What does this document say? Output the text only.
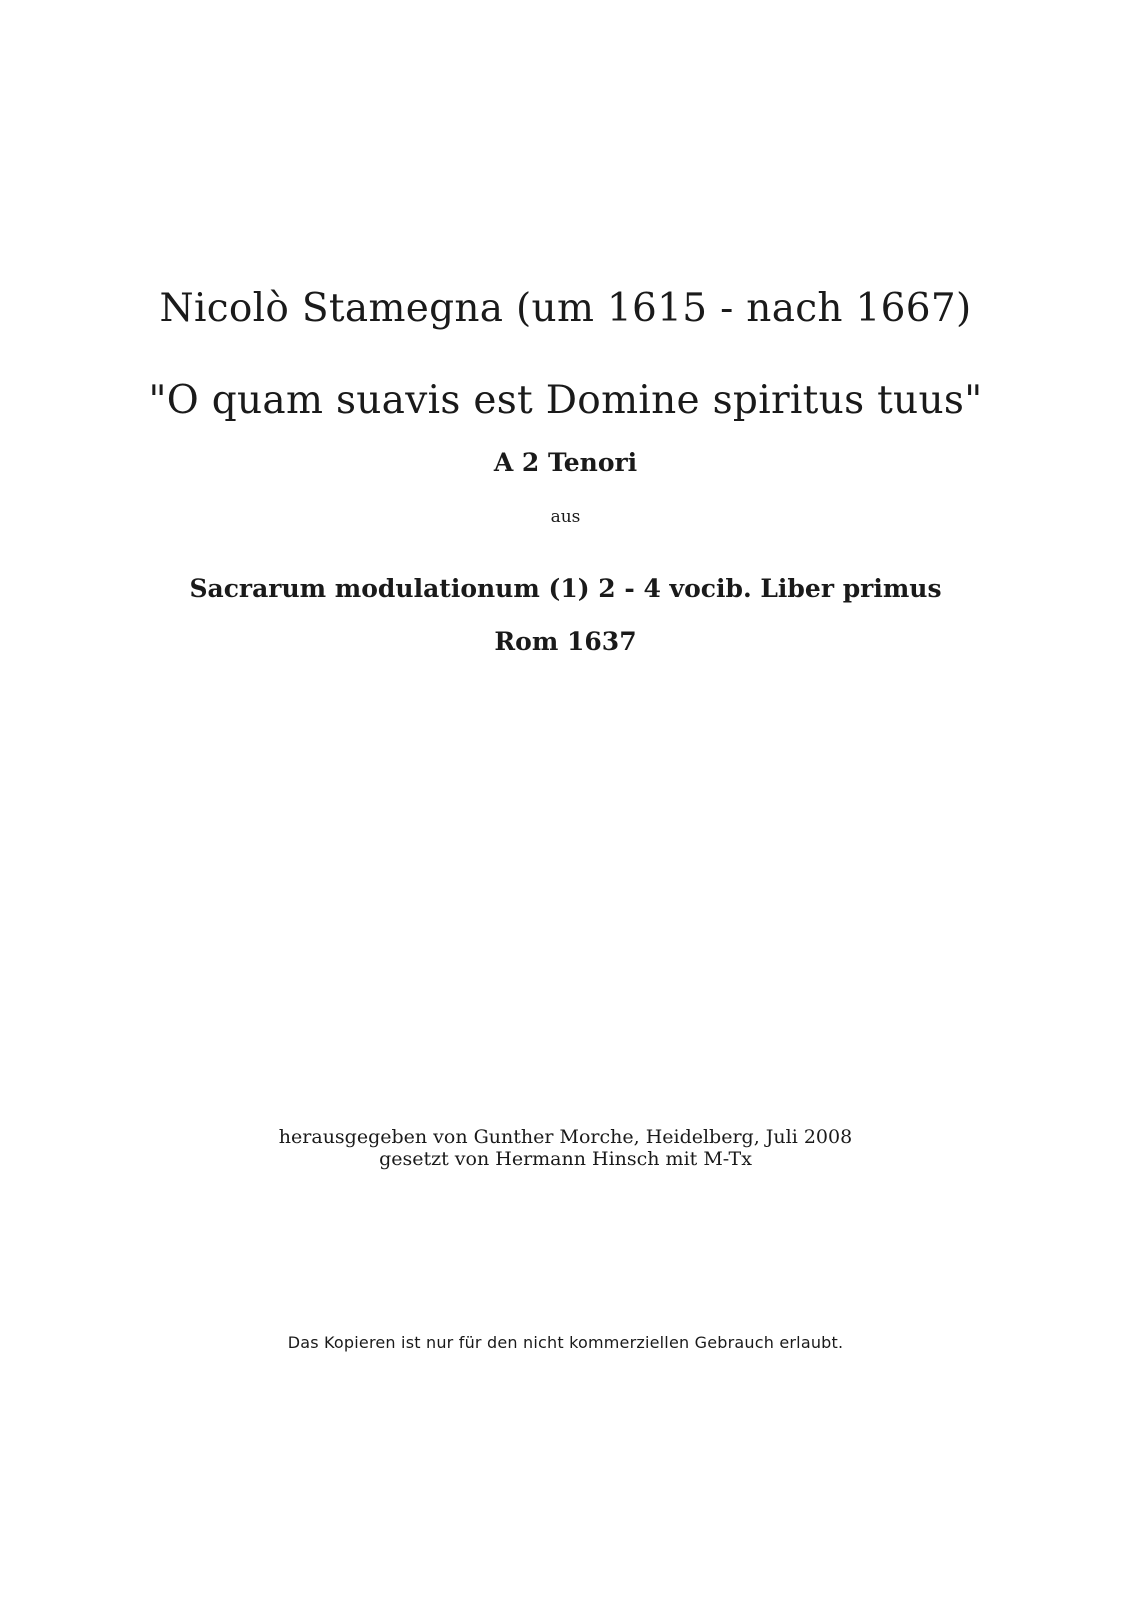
Nicolò Stamegna (um 1615 - nach 1667)
"O quam suavis est Domine spiritus tuus"
A 2 Tenori
aus
Sacrarum modulationum (1) 2 - 4 vocib. Liber primus
Rom 1637
herausgegeben von Gunther Morche, Heidelberg, Juli 2008
gesetzt von Hermann Hinsch mit M-Tx
Das Kopieren ist nur für den nicht kommerziellen Gebrauch erlaubt.
